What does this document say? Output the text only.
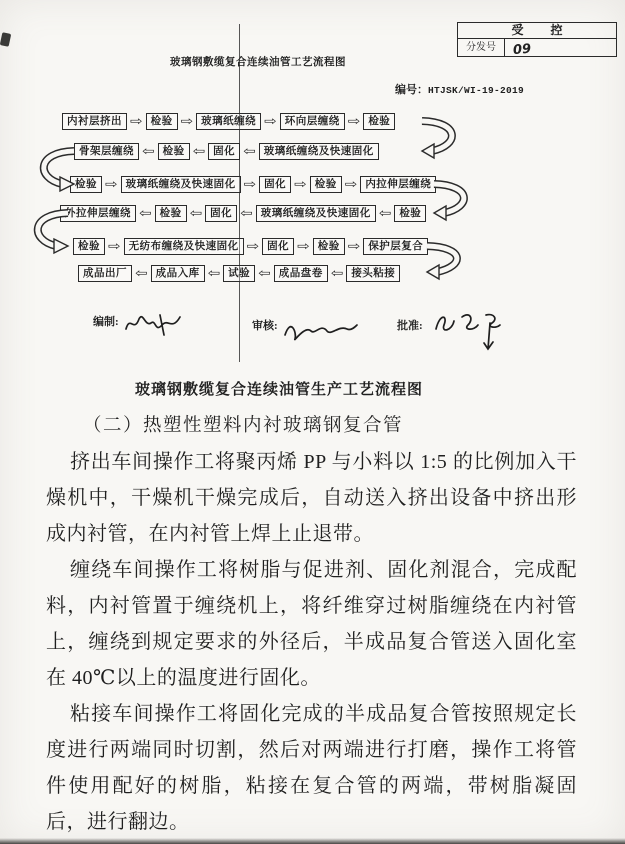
受 控
分发号	09
玻璃钢敷缆复合连续油管工艺流程图
编号：HTJSK/WI-19-2019
内衬层挤出 ⇨ 检验 ⇨ 玻璃纸缠绕 ⇨ 环向层缠绕 ⇨ 检验
骨架层缠绕 ⇦ 检验 ⇦ 固化 ⇦ 玻璃纸缠绕及快速固化
检验 ⇨ 玻璃纸缠绕及快速固化 ⇨ 固化 ⇨ 检验 ⇨ 内拉伸层缠绕
外拉伸层缠绕 ⇦ 检验 ⇦ 固化 ⇦ 玻璃纸缠绕及快速固化 ⇦ 检验
检验 ⇨ 无纺布缠绕及快速固化 ⇨ 固化 ⇨ 检验 ⇨ 保护层复合
成品出厂 ⇦ 成品入库 ⇦ 试验 ⇦ 成品盘卷 ⇦ 接头粘接
编制:	审核:	批准:
玻璃钢敷缆复合连续油管生产工艺流程图
（二）热塑性塑料内衬玻璃钢复合管

挤出车间操作工将聚丙烯 PP 与小料以 1:5 的比例加入干燥机中，干燥机干燥完成后，自动送入挤出设备中挤出形成内衬管，在内衬管上焊上止退带。

缠绕车间操作工将树脂与促进剂、固化剂混合，完成配料，内衬管置于缠绕机上，将纤维穿过树脂缠绕在内衬管上，缠绕到规定要求的外径后，半成品复合管送入固化室在 40℃以上的温度进行固化。

粘接车间操作工将固化完成的半成品复合管按照规定长度进行两端同时切割，然后对两端进行打磨，操作工将管件使用配好的树脂，粘接在复合管的两端，带树脂凝固后，进行翻边。
